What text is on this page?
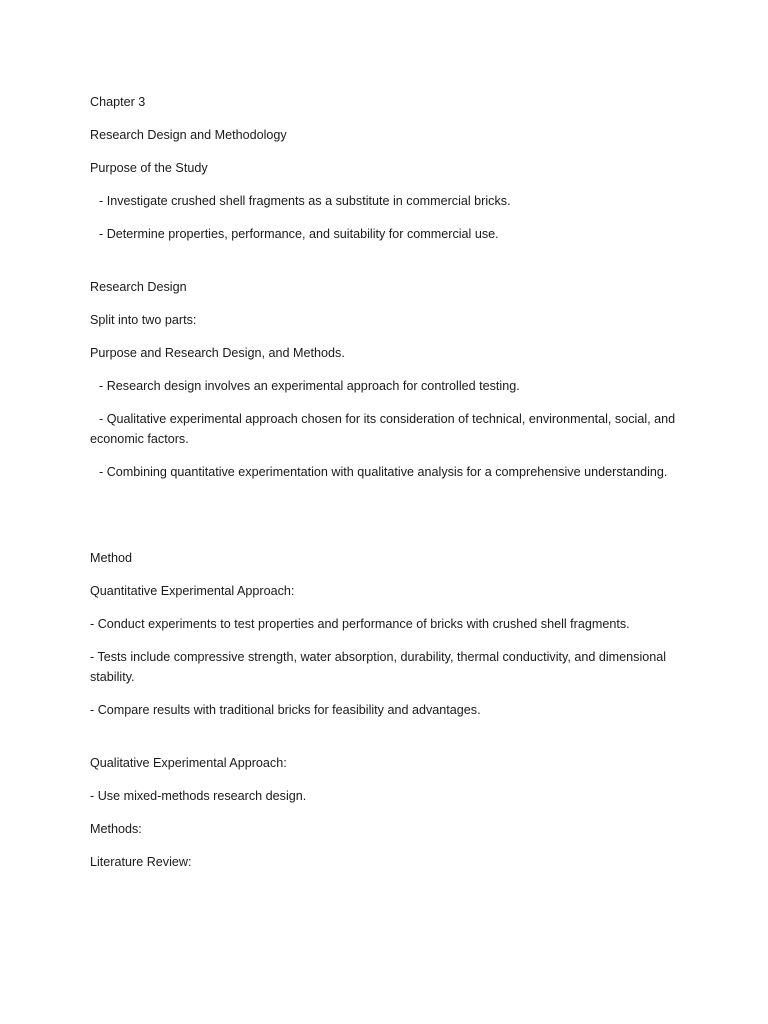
Chapter 3

Research Design and Methodology

Purpose of the Study

- Investigate crushed shell fragments as a substitute in commercial bricks.

- Determine properties, performance, and suitability for commercial use.

Research Design

Split into two parts:

Purpose and Research Design, and Methods.

- Research design involves an experimental approach for controlled testing.

- Qualitative experimental approach chosen for its consideration of technical, environmental, social, and economic factors.

- Combining quantitative experimentation with qualitative analysis for a comprehensive understanding.

Method

Quantitative Experimental Approach:

- Conduct experiments to test properties and performance of bricks with crushed shell fragments.

- Tests include compressive strength, water absorption, durability, thermal conductivity, and dimensional stability.

- Compare results with traditional bricks for feasibility and advantages.

Qualitative Experimental Approach:

- Use mixed-methods research design.

Methods:

Literature Review:
